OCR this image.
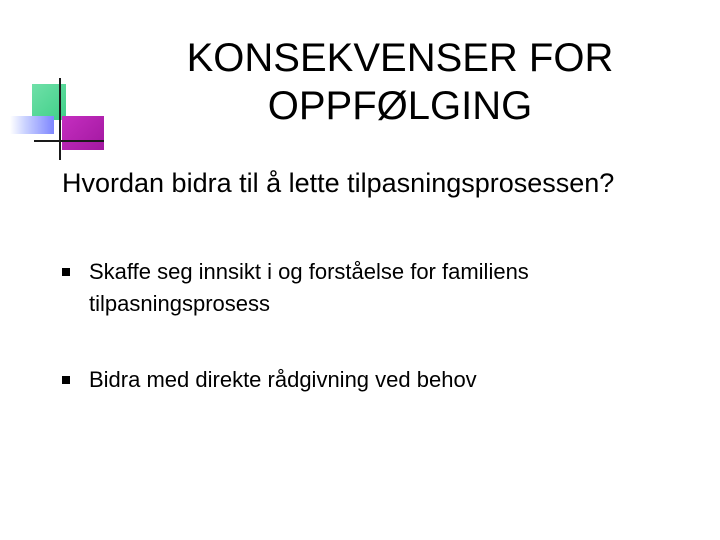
KONSEKVENSER FOR
OPPFØLGING

Hvordan bidra til å lette tilpasningsprosessen?

Skaffe seg innsikt i og forståelse for familiens tilpasningsprosess
Bidra med direkte rådgivning ved behov
